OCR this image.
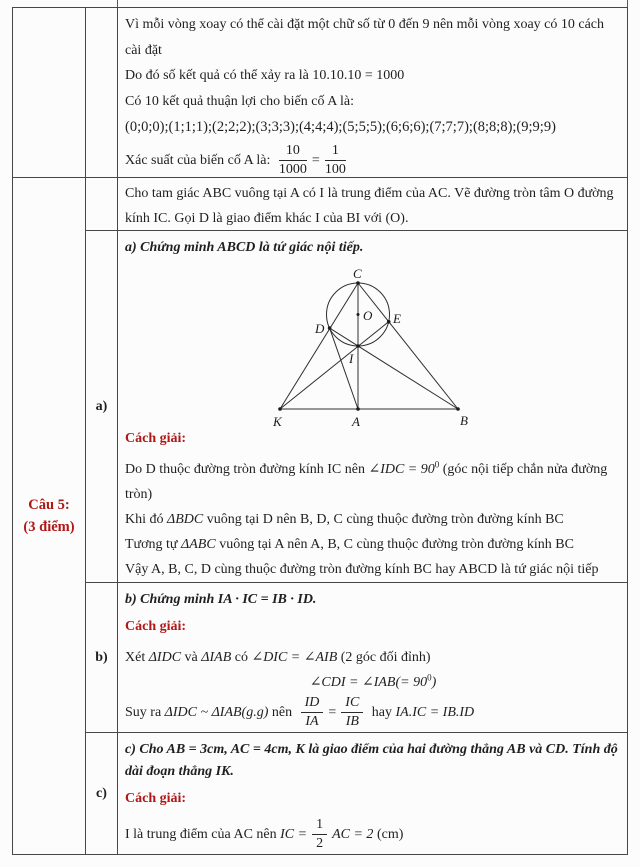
Vì mỗi vòng xoay có thể cài đặt một chữ số từ 0 đến 9 nên mỗi vòng xoay có 10 cách

cài đặt

Do đó số kết quả có thể xảy ra là 10.10.10 = 1000

Có 10 kết quả thuận lợi cho biến cố A là:

(0;0;0);(1;1;1);(2;2;2);(3;3;3);(4;4;4);(5;5;5);(6;6;6);(7;7;7);(8;8;8);(9;9;9)

Xác suất của biến cố A là: $\frac{10}{1000} = \frac{1}{100}$

Câu 5:
(3 điểm)

Cho tam giác ABC vuông tại A có I là trung điểm của AC. Vẽ đường tròn tâm O đường kính IC. Gọi D là giao điểm khác I của BI với (O).

a)

a) Chứng minh ABCD là tứ giác nội tiếp.

C
O E
D
I
K	A	B

Cách giải:

Do D thuộc đường tròn đường kính IC nên ∠IDC = $90^0$ (góc nội tiếp chắn nửa đường tròn)

Khi đó ΔBDC vuông tại D nên B, D, C cùng thuộc đường tròn đường kính BC

Tương tự ΔABC vuông tại A nên A, B, C cùng thuộc đường tròn đường kính BC

Vậy A, B, C, D cùng thuộc đường tròn đường kính BC hay ABCD là tứ giác nội tiếp

b)

b) Chứng minh IA · IC = IB · ID.

Cách giải:

Xét ΔIDC và ΔIAB có ∠DIC = ∠AIB (2 góc đối đỉnh)

∠CDI = ∠IAB(= $90^0$)

Suy ra ΔIDC ~ ΔIAB(g.g) nên $\frac{ID}{IA} = \frac{IC}{IB}$ hay IA.IC = IB.ID

c)

c) Cho AB = 3cm, AC = 4cm, K là giao điểm của hai đường thẳng AB và CD. Tính độ dài đoạn thẳng IK.

Cách giải:

I là trung điểm của AC nên IC = $\frac{1}{2}$ AC = 2 (cm)
